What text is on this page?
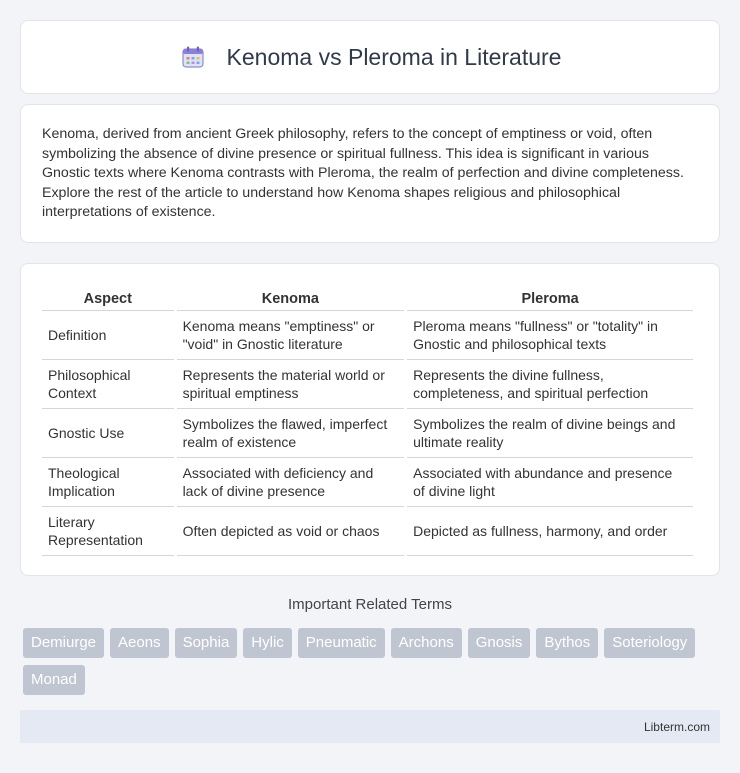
Kenoma vs Pleroma in Literature

Kenoma, derived from ancient Greek philosophy, refers to the concept of emptiness or void, often symbolizing the absence of divine presence or spiritual fullness. This idea is significant in various Gnostic texts where Kenoma contrasts with Pleroma, the realm of perfection and divine completeness. Explore the rest of the article to understand how Kenoma shapes religious and philosophical interpretations of existence.

Aspect	Kenoma	Pleroma
Definition	Kenoma means "emptiness" or "void" in Gnostic literature	Pleroma means "fullness" or "totality" in Gnostic and philosophical texts
Philosophical Context	Represents the material world or spiritual emptiness	Represents the divine fullness, completeness, and spiritual perfection
Gnostic Use	Symbolizes the flawed, imperfect realm of existence	Symbolizes the realm of divine beings and ultimate reality
Theological Implication	Associated with deficiency and lack of divine presence	Associated with abundance and presence of divine light
Literary Representation	Often depicted as void or chaos	Depicted as fullness, harmony, and order
Important Related Terms
Demiurge	Aeons	Sophia	Hylic	Pneumatic	Archons	Gnosis	Bythos	Soteriology
Monad
Libterm.com
